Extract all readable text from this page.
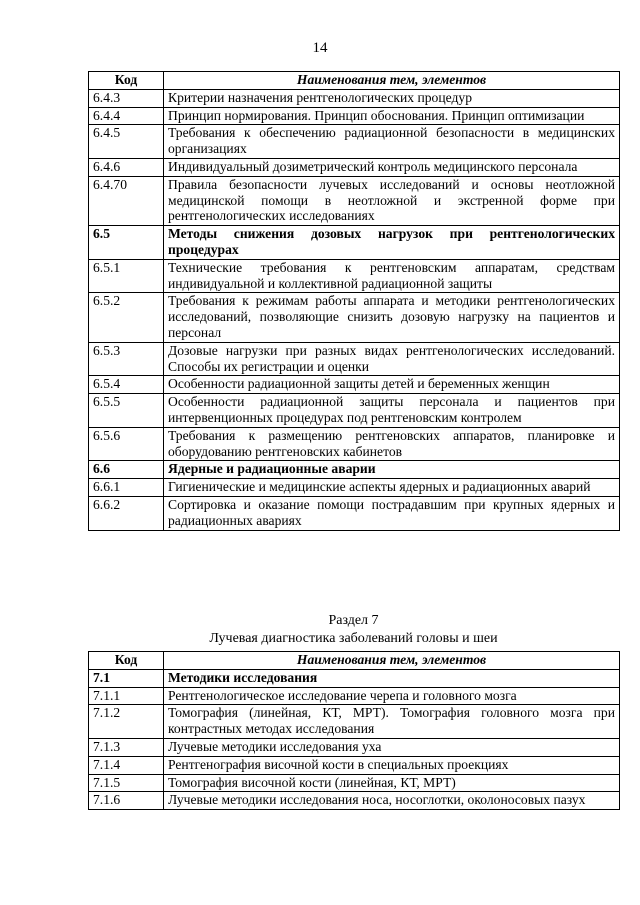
14
Код	Наименования тем, элементов
6.4.3	Критерии назначения рентгенологических процедур
6.4.4	Принцип нормирования. Принцип обоснования. Принцип оптимизации
6.4.5	Требования к обеспечению радиационной безопасности в медицинских организациях
6.4.6	Индивидуальный дозиметрический контроль медицинского персонала
6.4.70	Правила безопасности лучевых исследований и основы неотложной медицинской помощи в неотложной и экстренной форме при рентгенологических исследованиях
6.5	Методы снижения дозовых нагрузок при рентгенологических процедурах
6.5.1	Технические требования к рентгеновским аппаратам, средствам индивидуальной и коллективной радиационной защиты
6.5.2	Требования к режимам работы аппарата и методики рентгенологических исследований, позволяющие снизить дозовую нагрузку на пациентов и персонал
6.5.3	Дозовые нагрузки при разных видах рентгенологических исследований. Способы их регистрации и оценки
6.5.4	Особенности радиационной защиты детей и беременных женщин
6.5.5	Особенности радиационной защиты персонала и пациентов при интервенционных процедурах под рентгеновским контролем
6.5.6	Требования к размещению рентгеновских аппаратов, планировке и оборудованию рентгеновских кабинетов
6.6	Ядерные и радиационные аварии
6.6.1	Гигиенические и медицинские аспекты ядерных и радиационных аварий
6.6.2	Сортировка и оказание помощи пострадавшим при крупных ядерных и радиационных авариях
Раздел 7
Лучевая диагностика заболеваний головы и шеи
Код	Наименования тем, элементов
7.1	Методики исследования
7.1.1	Рентгенологическое исследование черепа и головного мозга
7.1.2	Томография (линейная, КТ, МРТ). Томография головного мозга при контрастных методах исследования
7.1.3	Лучевые методики исследования уха
7.1.4	Рентгенография височной кости в специальных проекциях
7.1.5	Томография височной кости (линейная, КТ, МРТ)
7.1.6	Лучевые методики исследования носа, носоглотки, околоносовых пазух
